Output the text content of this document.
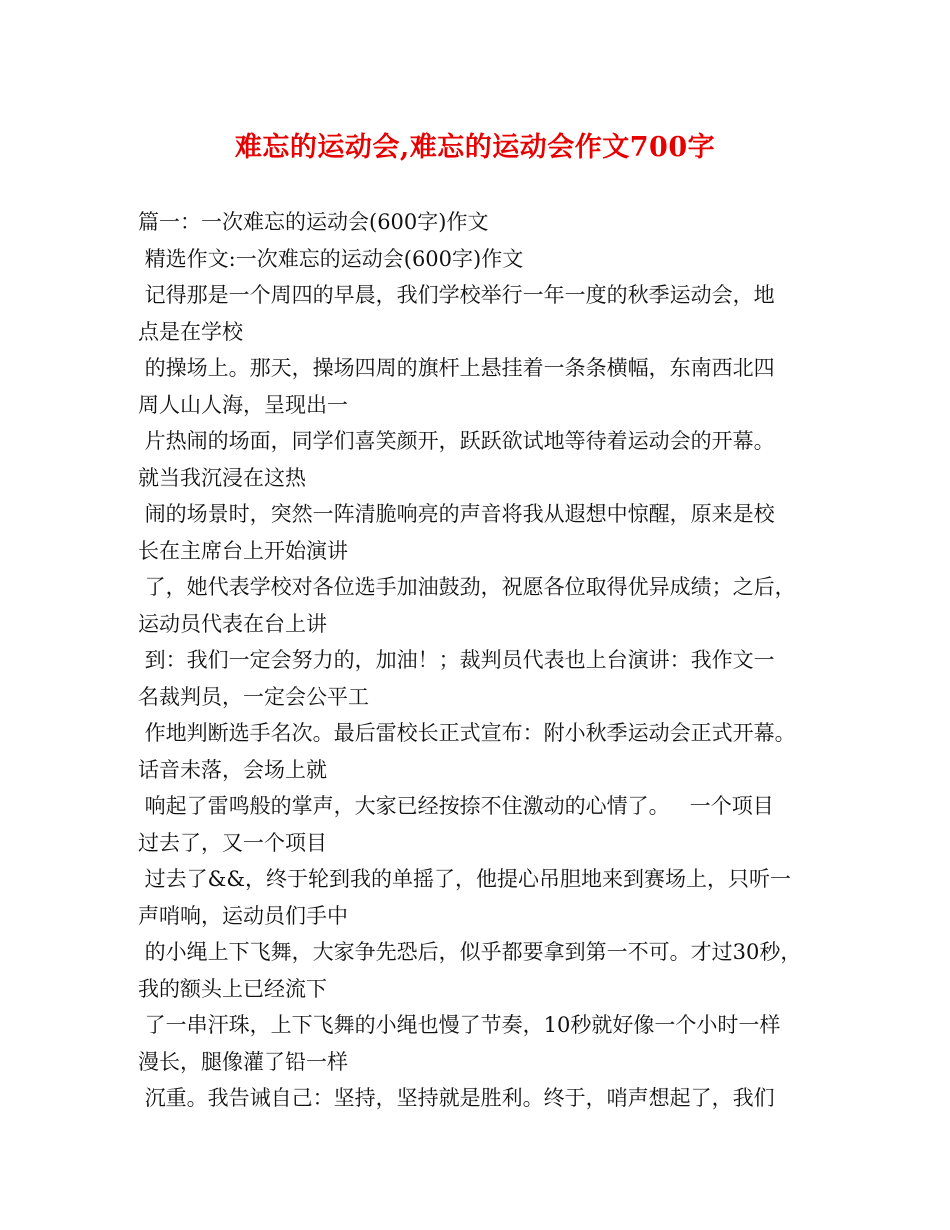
难忘的运动会,难忘的运动会作文700字
篇一：一次难忘的运动会(600字)作文
精选作文:一次难忘的运动会(600字)作文
记得那是一个周四的早晨，我们学校举行一年一度的秋季运动会，地
点是在学校
的操场上。那天，操场四周的旗杆上悬挂着一条条横幅，东南西北四
周人山人海，呈现出一
片热闹的场面，同学们喜笑颜开，跃跃欲试地等待着运动会的开幕。
就当我沉浸在这热
闹的场景时，突然一阵清脆响亮的声音将我从遐想中惊醒，原来是校
长在主席台上开始演讲
了，她代表学校对各位选手加油鼓劲，祝愿各位取得优异成绩；之后，
运动员代表在台上讲
到：我们一定会努力的，加油！；裁判员代表也上台演讲：我作文一
名裁判员，一定会公平工
作地判断选手名次。最后雷校长正式宣布：附小秋季运动会正式开幕。
话音未落，会场上就
响起了雷鸣般的掌声，大家已经按捺不住激动的心情了。   一个项目
过去了，又一个项目
过去了&&，终于轮到我的单摇了，他提心吊胆地来到赛场上，只听一
声哨响，运动员们手中
的小绳上下飞舞，大家争先恐后，似乎都要拿到第一不可。才过30秒，
我的额头上已经流下
了一串汗珠，上下飞舞的小绳也慢了节奏，10秒就好像一个小时一样
漫长，腿像灌了铅一样
沉重。我告诫自己：坚持，坚持就是胜利。终于，哨声想起了，我们
